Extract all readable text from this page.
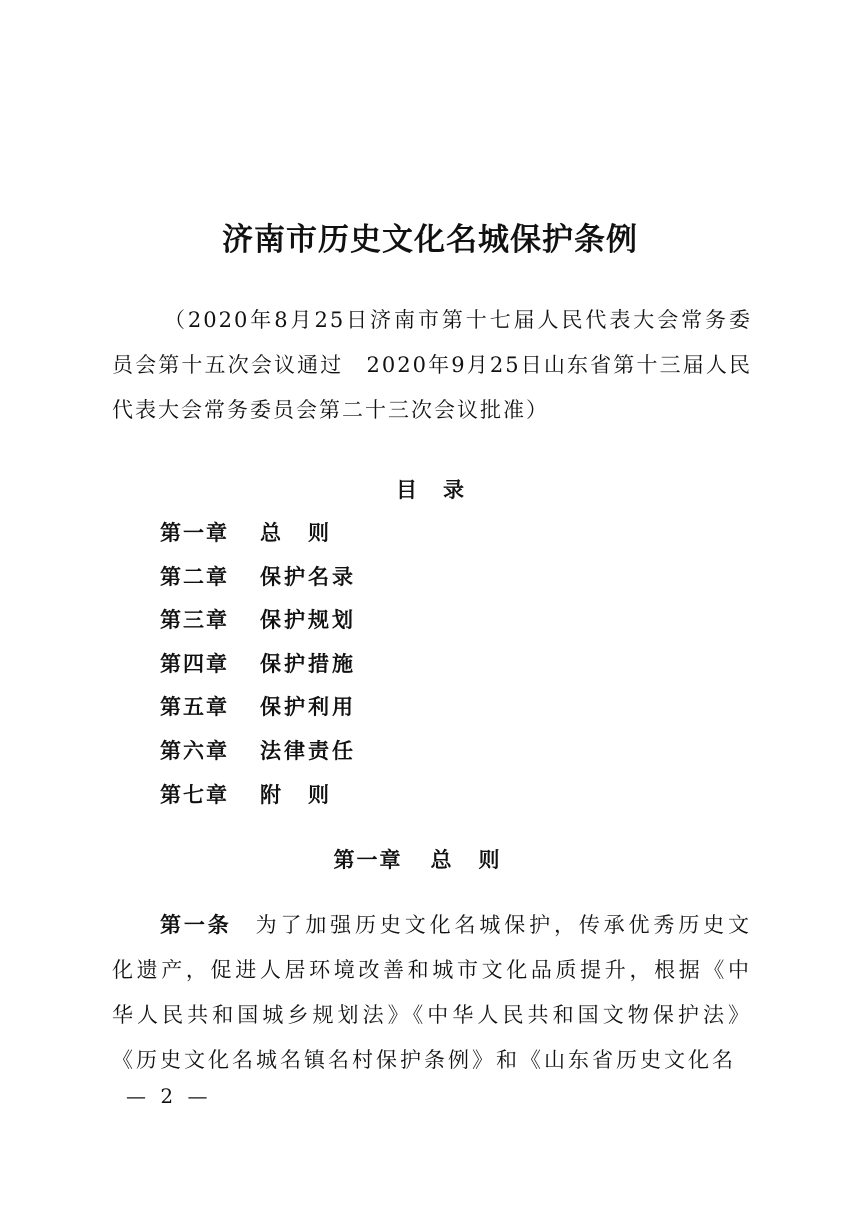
济南市历史文化名城保护条例

（2020年8月25日济南市第十七届人民代表大会常务委员会第十五次会议通过　2020年9月25日山东省第十三届人民代表大会常务委员会第二十三次会议批准）

目录
第一章 总则
第二章 保护名录
第三章 保护规划
第四章 保护措施
第五章 保护利用
第六章 法律责任
第七章 附则
第一章 总则

第一条 为了加强历史文化名城保护，传承优秀历史文化遗产，促进人居环境改善和城市文化品质提升，根据《中华人民共和国城乡规划法》《中华人民共和国文物保护法》《历史文化名城名镇名村保护条例》和《山东省历史文化名

— 2 —
